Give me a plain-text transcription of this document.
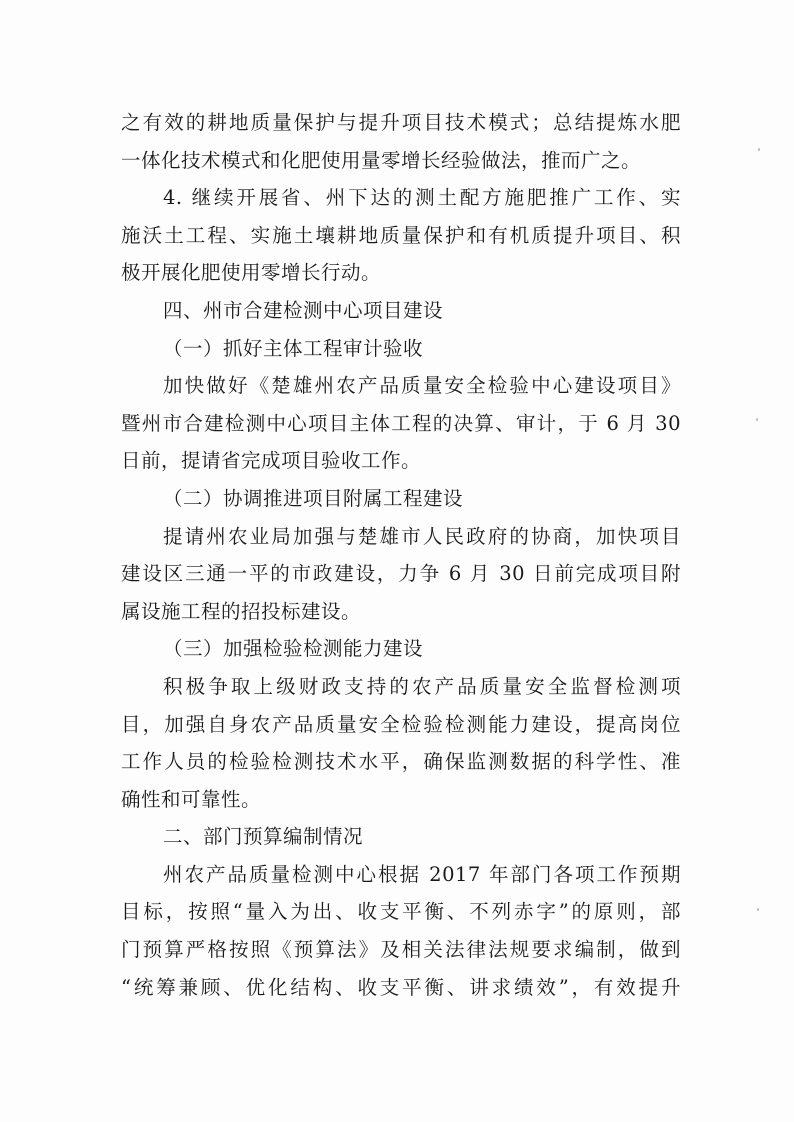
之有效的耕地质量保护与提升项目技术模式；总结提炼水肥
一体化技术模式和化肥使用量零增长经验做法，推而广之。
4. 继续开展省、州下达的测土配方施肥推广工作、实
施沃土工程、实施土壤耕地质量保护和有机质提升项目、积
极开展化肥使用零增长行动。
四、州市合建检测中心项目建设
（一）抓好主体工程审计验收
加快做好《楚雄州农产品质量安全检验中心建设项目》
暨州市合建检测中心项目主体工程的决算、审计，于 6 月 30
日前，提请省完成项目验收工作。
（二）协调推进项目附属工程建设
提请州农业局加强与楚雄市人民政府的协商，加快项目
建设区三通一平的市政建设，力争 6 月 30 日前完成项目附
属设施工程的招投标建设。
（三）加强检验检测能力建设
积极争取上级财政支持的农产品质量安全监督检测项
目，加强自身农产品质量安全检验检测能力建设，提高岗位
工作人员的检验检测技术水平，确保监测数据的科学性、准
确性和可靠性。
二、部门预算编制情况
州农产品质量检测中心根据 2017 年部门各项工作预期
目标，按照“量入为出、收支平衡、不列赤字”的原则，部
门预算严格按照《预算法》及相关法律法规要求编制，做到
“统筹兼顾、优化结构、收支平衡、讲求绩效”，有效提升
